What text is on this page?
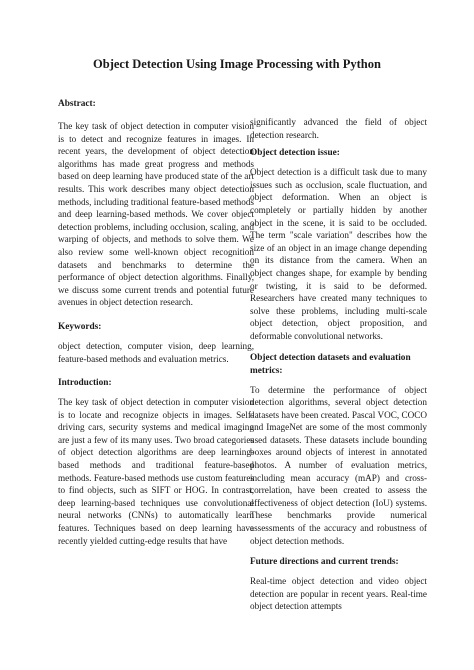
Object Detection Using Image Processing with Python

Abstract:

The key task of object detection in computer vision is to detect and recognize features in images. In recent years, the development of object detection algorithms has made great progress and methods based on deep learning have produced state of the art results. This work describes many object detection methods, including traditional feature-based methods and deep learning-based methods. We cover object detection problems, including occlusion, scaling, and warping of objects, and methods to solve them. We also review some well-known object recognition datasets and benchmarks to determine the performance of object detection algorithms. Finally, we discuss some current trends and potential future avenues in object detection research.

Keywords:

object detection, computer vision, deep learning, feature-based methods and evaluation metrics.

Introduction:

The key task of object detection in computer vision is to locate and recognize objects in images. Self-driving cars, security systems and medical imaging are just a few of its many uses. Two broad categories of object detection algorithms are deep learning-based methods and traditional feature-based methods. Feature-based methods use custom features to find objects, such as SIFT or HOG. In contrast, deep learning-based techniques use convolutional neural networks (CNNs) to automatically learn features. Techniques based on deep learning have recently yielded cutting-edge results that have

significantly advanced the field of object detection research.

Object detection issue:

Object detection is a difficult task due to many issues such as occlusion, scale fluctuation, and object deformation. When an object is completely or partially hidden by another object in the scene, it is said to be occluded. The term "scale variation" describes how the size of an object in an image change depending on its distance from the camera. When an object changes shape, for example by bending or twisting, it is said to be deformed. Researchers have created many techniques to solve these problems, including multi-scale object detection, object proposition, and deformable convolutional networks.

Object detection datasets and evaluation metrics:

To determine the performance of object detection algorithms, several object detection datasets have been created. Pascal VOC, COCO and ImageNet are some of the most commonly used datasets. These datasets include bounding boxes around objects of interest in annotated photos. A number of evaluation metrics, including mean accuracy (mAP) and cross-correlation, have been created to assess the effectiveness of object detection (IoU) systems. These benchmarks provide numerical assessments of the accuracy and robustness of object detection methods.

Future directions and current trends:

Real-time object detection and video object detection are popular in recent years. Real-time object detection attempts
